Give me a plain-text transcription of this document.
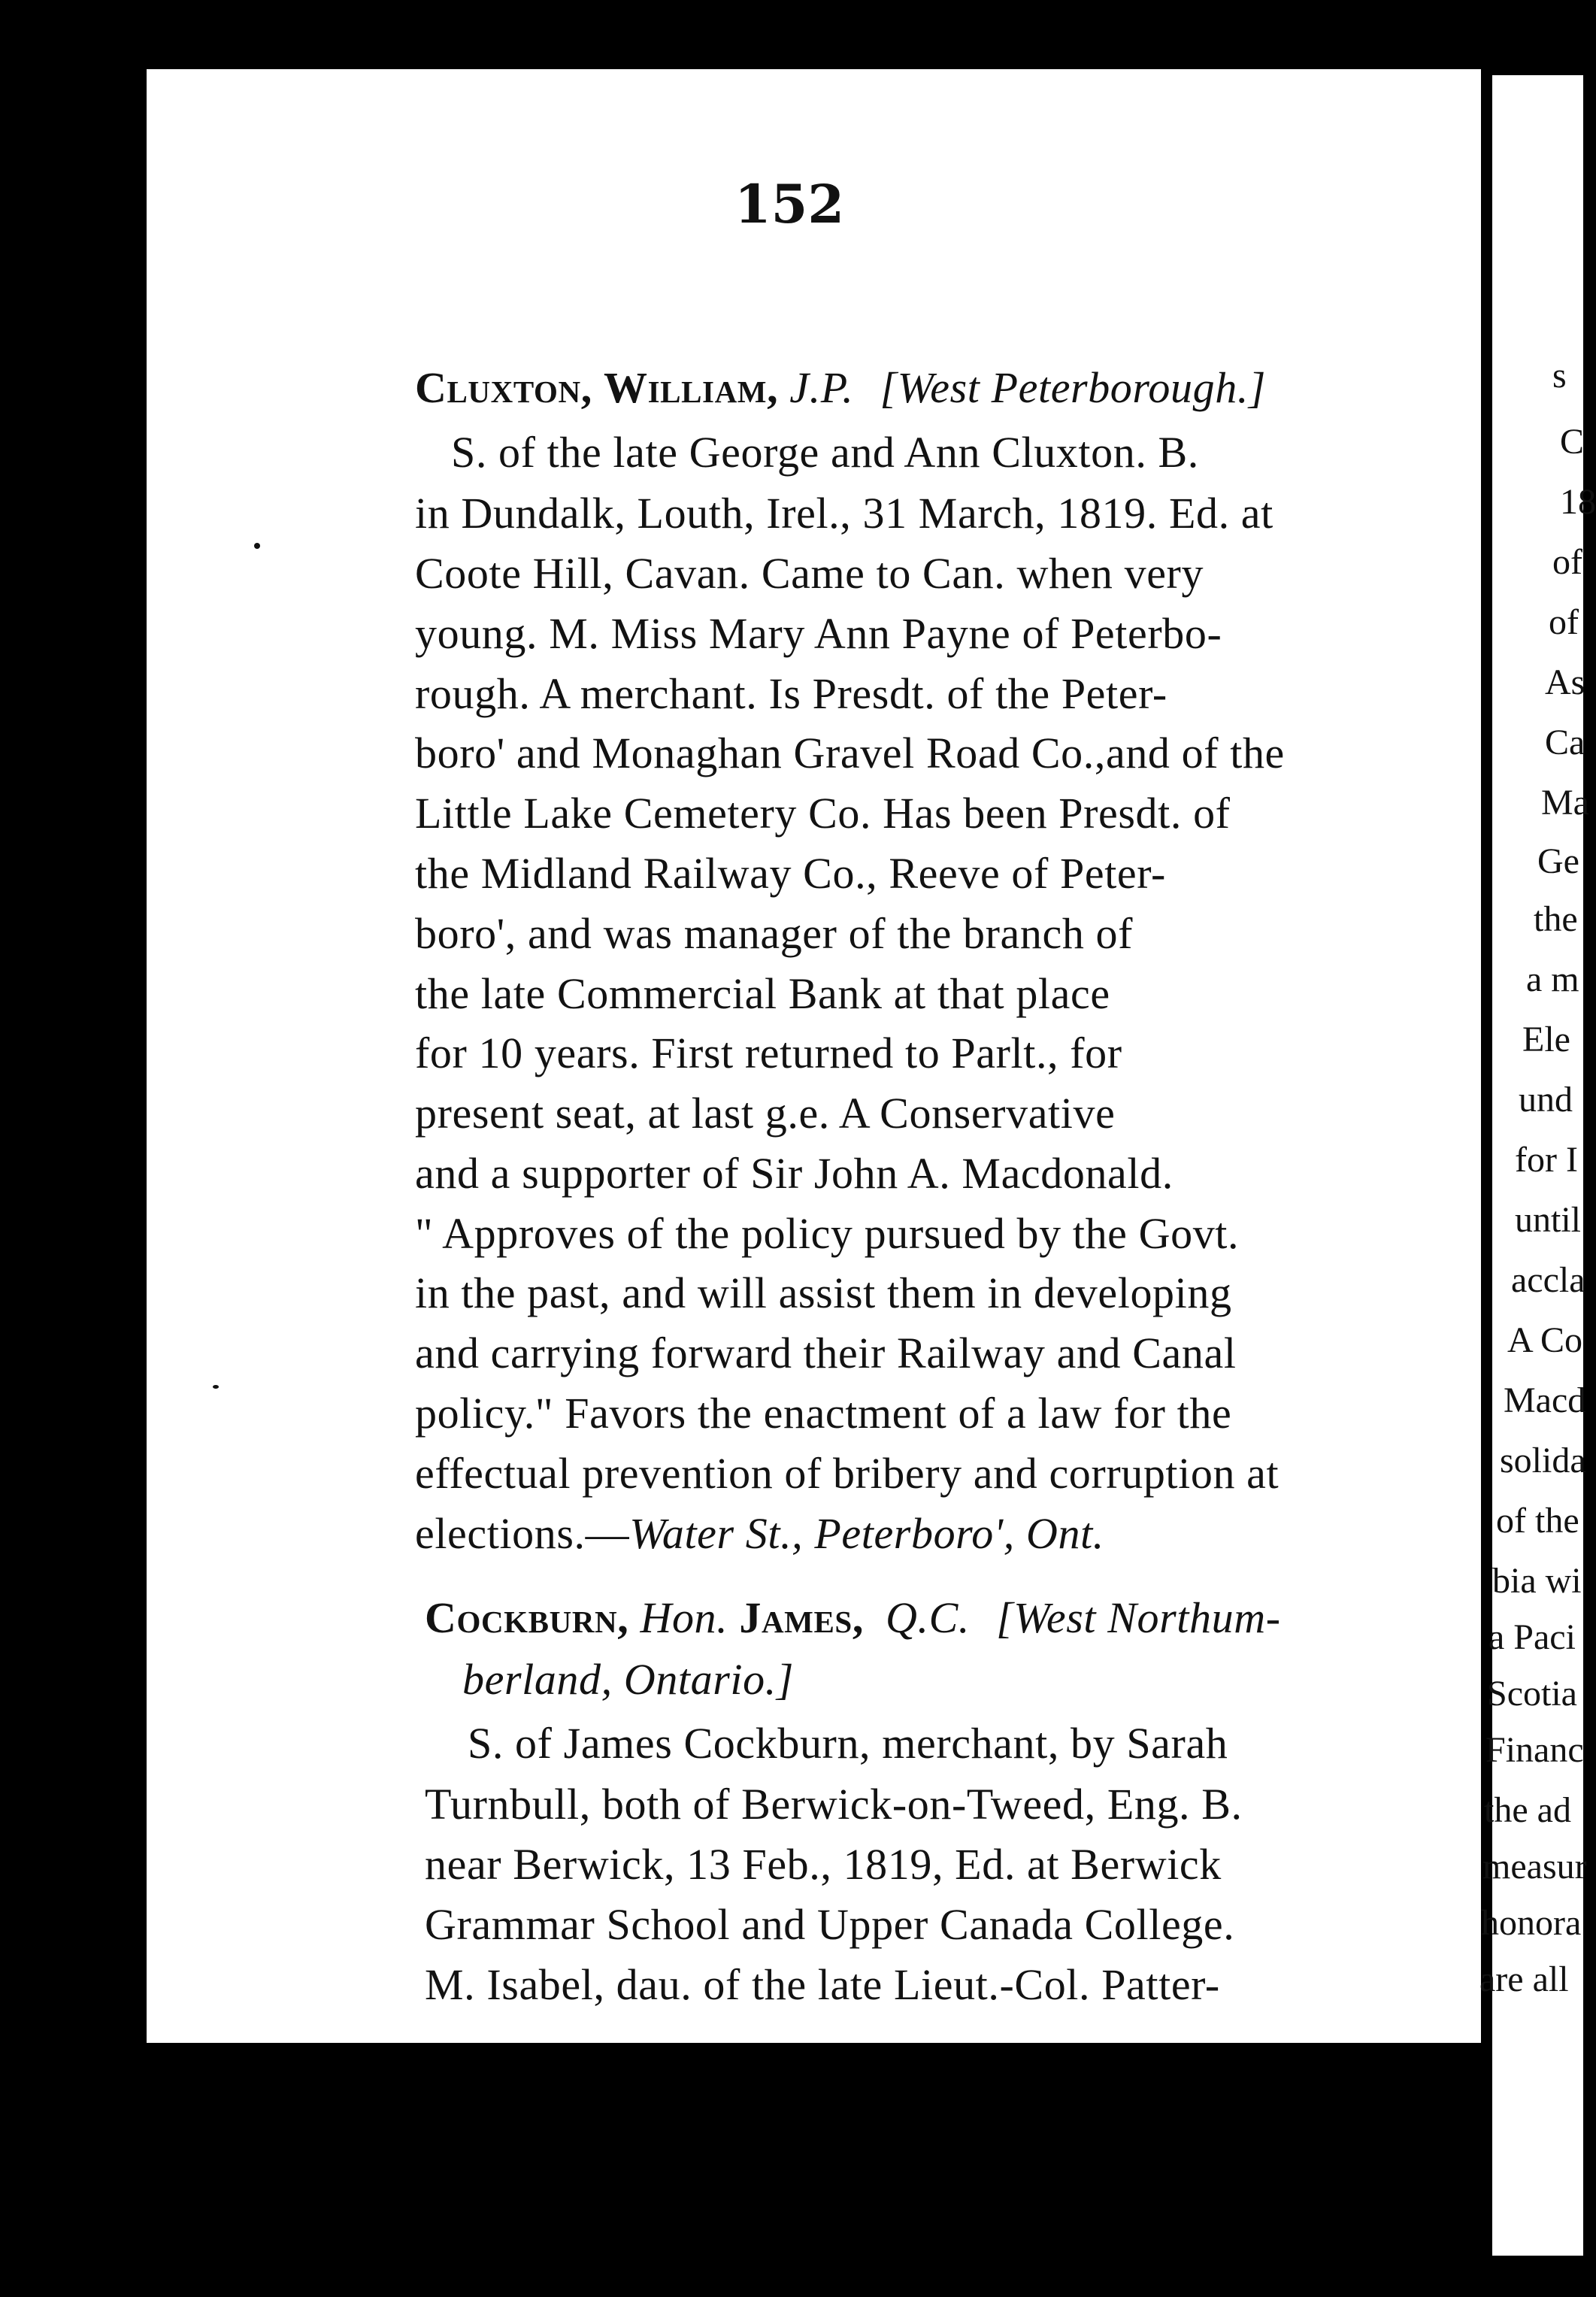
152
Cluxton, William, J.P. [West Peterborough.]
S. of the late George and Ann Cluxton. B.
in Dundalk, Louth, Irel., 31 March, 1819. Ed. at
Coote Hill, Cavan. Came to Can. when very
young. M. Miss Mary Ann Payne of Peterbo-
rough. A merchant. Is Presdt. of the Peter-
boro' and Monaghan Gravel Road Co.,and of the
Little Lake Cemetery Co. Has been Presdt. of
the Midland Railway Co., Reeve of Peter-
boro', and was manager of the branch of
the late Commercial Bank at that place
for 10 years. First returned to Parlt., for
present seat, at last g.e. A Conservative
and a supporter of Sir John A. Macdonald.
" Approves of the policy pursued by the Govt.
in the past, and will assist them in developing
and carrying forward their Railway and Canal
policy." Favors the enactment of a law for the
effectual prevention of bribery and corruption at
elections.—Water St., Peterboro', Ont.
Cockburn, Hon. James, Q.C. [West Northum-
berland, Ontario.]
S. of James Cockburn, merchant, by Sarah
Turnbull, both of Berwick-on-Tweed, Eng. B.
near Berwick, 13 Feb., 1819, Ed. at Berwick
Grammar School and Upper Canada College.
M. Isabel, dau. of the late Lieut.-Col. Patter-
s
C
18
of
of
As
Ca
Ma
Ge
the
a m
Ele
und
for I
until
accla
A Co
Macd
solida
of the
bia wi
a Paci
Scotia
Financ
the ad
measur
honora
are all
